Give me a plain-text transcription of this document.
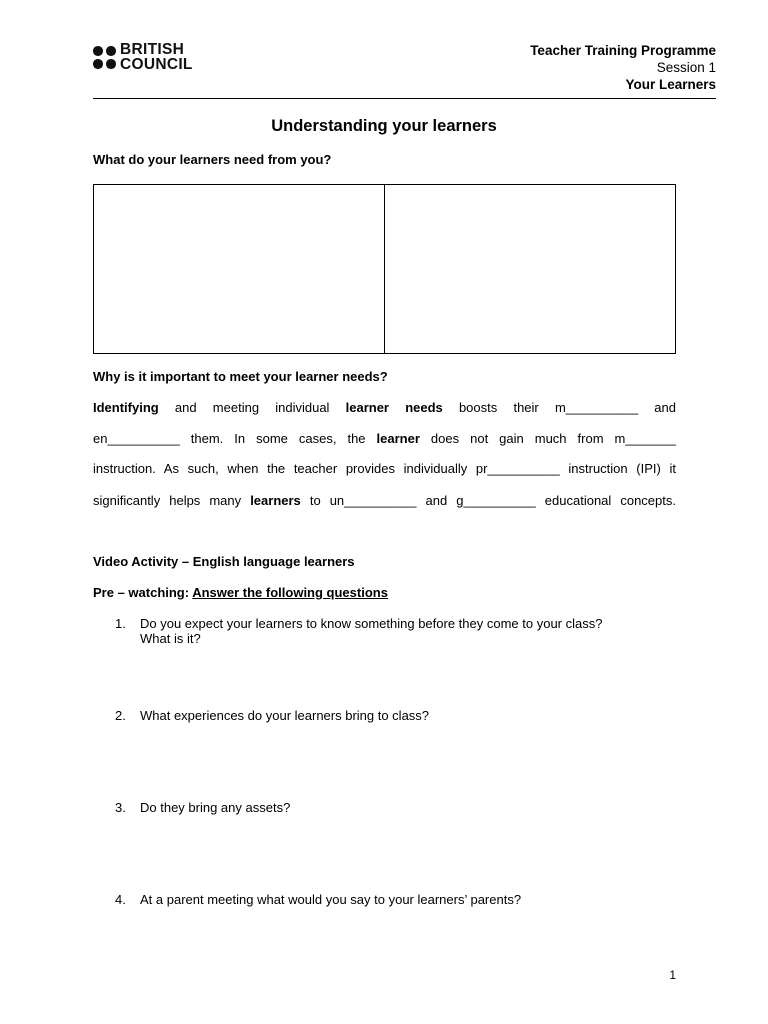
BRITISH
COUNCIL
Teacher Training Programme
Session 1
Your Learners
Understanding your learners
What do your learners need from you?
Why is it important to meet your learner needs?
Identifying and meeting individual learner needs boosts their m__________ and
en__________ them. In some cases, the learner does not gain much from m_______
instruction. As such, when the teacher provides individually pr__________ instruction (IPI) it
significantly helps many learners to un__________ and g__________ educational concepts.
Video Activity – English language learners
Pre – watching: Answer the following questions
1.	Do you expect your learners to know something before they come to your class?
What is it?
2.	What experiences do your learners bring to class?
3.	Do they bring any assets?
4.	At a parent meeting what would you say to your learners’ parents?
1
